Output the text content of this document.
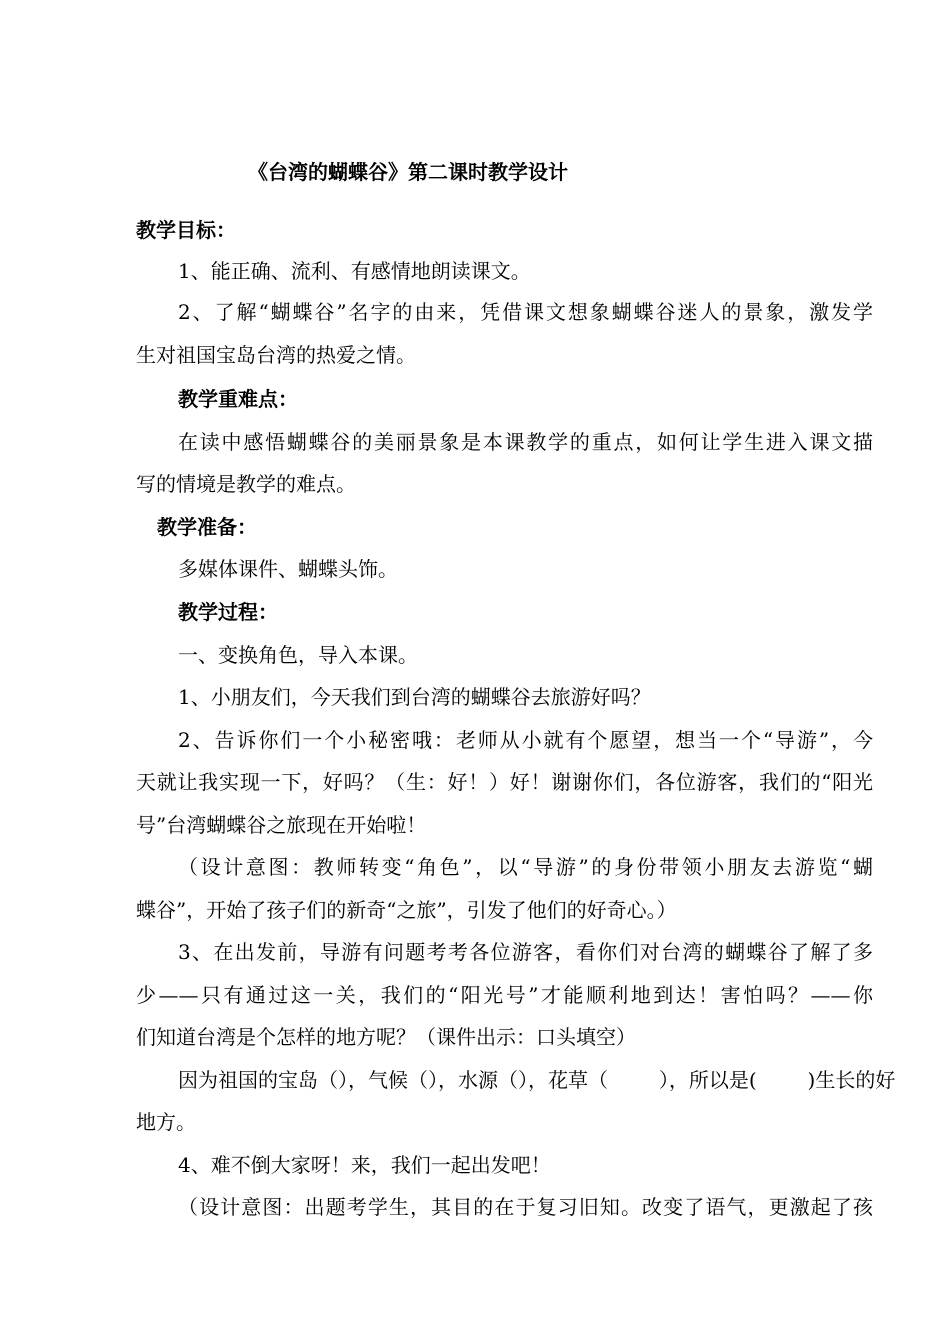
《台湾的蝴蝶谷》第二课时教学设计
教学目标：
1、能正确、流利、有感情地朗读课文。
2、了解“蝴蝶谷”名字的由来，凭借课文想象蝴蝶谷迷人的景象，激发学
生对祖国宝岛台湾的热爱之情。
教学重难点：
在读中感悟蝴蝶谷的美丽景象是本课教学的重点，如何让学生进入课文描
写的情境是教学的难点。
教学准备：
多媒体课件、蝴蝶头饰。
教学过程：
一、变换角色，导入本课。
1、小朋友们，今天我们到台湾的蝴蝶谷去旅游好吗？
2、告诉你们一个小秘密哦：老师从小就有个愿望，想当一个“导游”，今
天就让我实现一下，好吗？（生：好！）好！谢谢你们，各位游客，我们的“阳光
号”台湾蝴蝶谷之旅现在开始啦！
（设计意图：教师转变“角色”，以“导游”的身份带领小朋友去游览“蝴
蝶谷”，开始了孩子们的新奇“之旅”，引发了他们的好奇心。）
3、在出发前，导游有问题考考各位游客，看你们对台湾的蝴蝶谷了解了多
少——只有通过这一关，我们的“阳光号”才能顺利地到达！害怕吗？——你
们知道台湾是个怎样的地方呢？（课件出示：口头填空）
因为祖国的宝岛（），气候（），水源（），花草（        ），所以是(        )生长的好
地方。
4、难不倒大家呀！来，我们一起出发吧！
（设计意图：出题考学生，其目的在于复习旧知。改变了语气，更激起了孩
